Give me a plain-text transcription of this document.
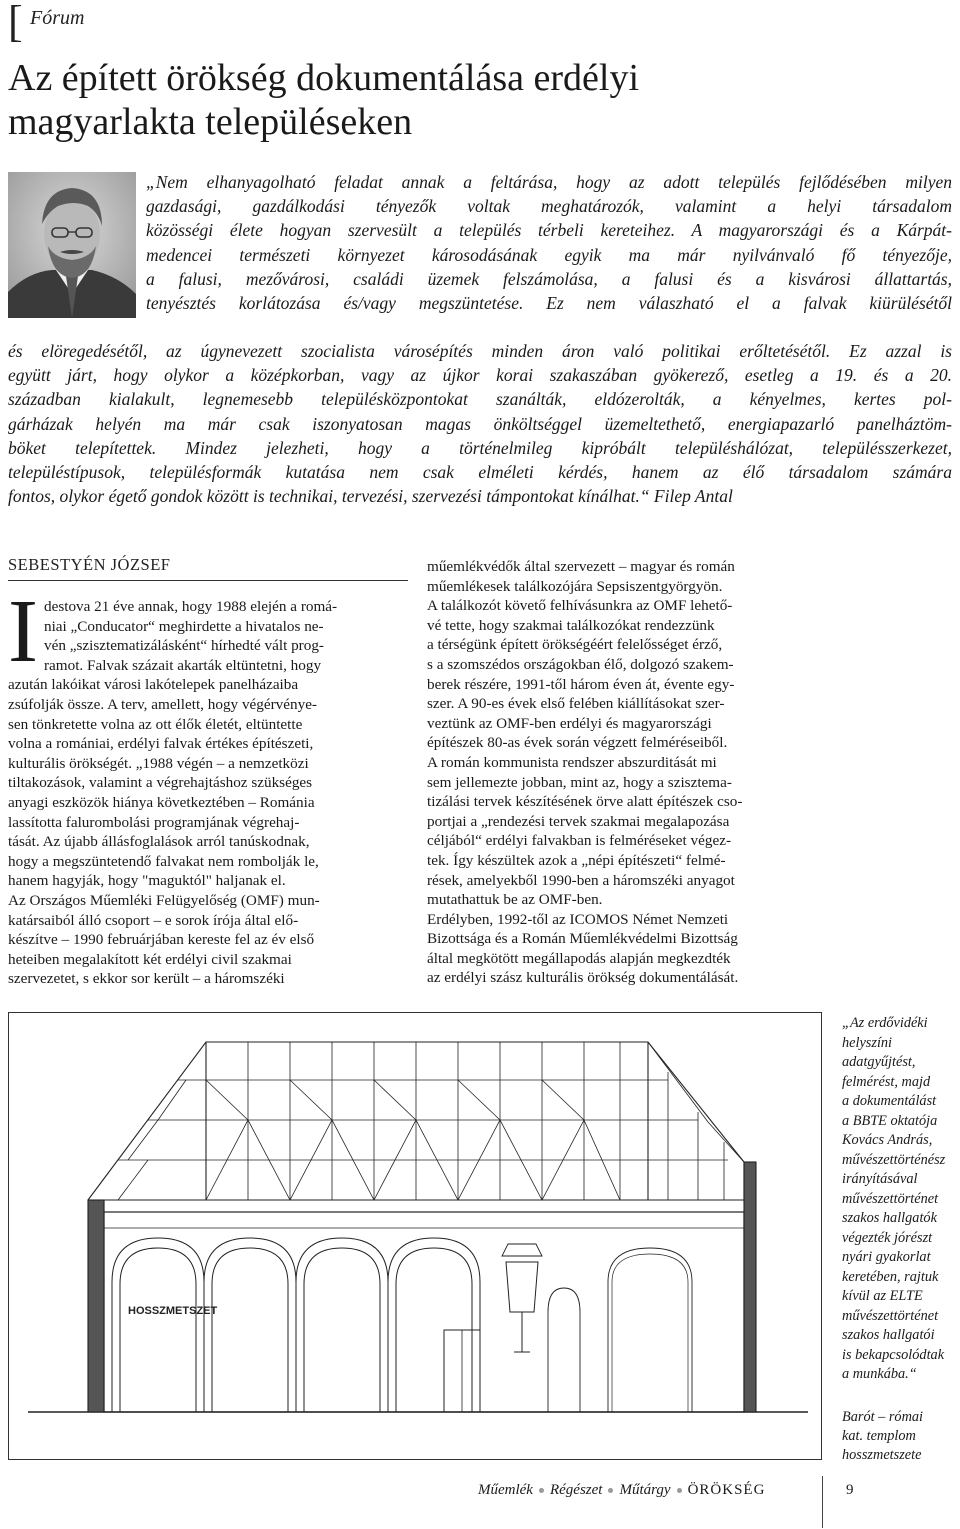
[ Fórum
Az épített örökség dokumentálása erdélyi
magyarlakta településeken

„Nem elhanyagolható feladat annak a feltárása, hogy az adott település fejlődésében milyen

gazdasági, gazdálkodási tényezők voltak meghatározók, valamint a helyi társadalom

közösségi élete hogyan szervesült a település térbeli kereteihez. A magyarországi és a Kárpát-

medencei természeti környezet károsodásának egyik ma már nyilvánvaló fő tényezője,

a falusi, mezővárosi, családi üzemek felszámolása, a falusi és a kisvárosi állattartás,

tenyésztés korlátozása és/vagy megszüntetése. Ez nem válaszható el a falvak kiürülésétől

és elöregedésétől, az úgynevezett szocialista városépítés minden áron való politikai erőltetésétől. Ez azzal is

együtt járt, hogy olykor a középkorban, vagy az újkor korai szakaszában gyökerező, esetleg a 19. és a 20.

században kialakult, legnemesebb településközpontokat szanálták, eldózerolták, a kényelmes, kertes pol-

gárházak helyén ma már csak iszonyatosan magas önköltséggel üzemeltethető, energiapazarló panelháztöm-

böket telepítettek. Mindez jelezheti, hogy a történelmileg kipróbált településhálózat, településszerkezet,

településtípusok, településformák kutatása nem csak elméleti kérdés, hanem az élő társadalom számára

fontos, olykor égető gondok között is technikai, tervezési, szervezési támpontokat kínálhat.“ Filep Antal

SEBESTYÉN JÓZSEF
I destova 21 éve annak, hogy 1988 elején a romá-

niai „Conducator“ meghirdette a hivatalos ne-

vén „szisztematizálásként“ hírhedté vált prog-

ramot. Falvak százait akarták eltüntetni, hogy

azután lakóikat városi lakótelepek panelházaiba

zsúfolják össze. A terv, amellett, hogy végérvénye-

sen tönkretette volna az ott élők életét, eltüntette

volna a romániai, erdélyi falvak értékes építészeti,

kulturális örökségét. „1988 végén – a nemzetközi

tiltakozások, valamint a végrehajtáshoz szükséges

anyagi eszközök hiánya következtében – Románia

lassította falurombolási programjának végrehaj-

tását. Az újabb állásfoglalások arról tanúskodnak,

hogy a megszüntetendő falvakat nem rombolják le,

hanem hagyják, hogy "maguktól" haljanak el.

Az Országos Műemléki Felügyelőség (OMF) mun-

katársaiból álló csoport – e sorok írója által elő-

készítve – 1990 februárjában kereste fel az év első

heteiben megalakított két erdélyi civil szakmai

szervezetet, s ekkor sor került – a háromszéki

műemlékvédők által szervezett – magyar és román

műemlékesek találkozójára Sepsiszentgyörgyön.

A találkozót követő felhívásunkra az OMF lehető-

vé tette, hogy szakmai találkozókat rendezzünk

a térségünk épített örökségéért felelősséget érző,

s a szomszédos országokban élő, dolgozó szakem-

berek részére, 1991-től három éven át, évente egy-

szer. A 90-es évek első felében kiállításokat szer-

veztünk az OMF-ben erdélyi és magyarországi

építészek 80-as évek során végzett felméréseiből.

A román kommunista rendszer abszurditását mi

sem jellemezte jobban, mint az, hogy a szisztema-

tizálási tervek készítésének örve alatt építészek cso-

portjai a „rendezési tervek szakmai megalapozása

céljából“ erdélyi falvakban is felméréseket végez-

tek. Így készültek azok a „népi építészeti“ felmé-

rések, amelyekből 1990-ben a háromszéki anyagot

mutathattuk be az OMF-ben.

Erdélyben, 1992-től az ICOMOS Német Nemzeti

Bizottsága és a Román Műemlékvédelmi Bizottság

által megkötött megállapodás alapján megkezdték

az erdélyi szász kulturális örökség dokumentálását.

HOSSZMETSZET
„Az erdővidéki
helyszíni
adatgyűjtést,
felmérést, majd
a dokumentálást
a BBTE oktatója
Kovács András,
művészettörténész
irányításával
művészettörténet
szakos hallgatók
végezték jórészt
nyári gyakorlat
keretében, rajtuk
kívül az ELTE
művészettörténet
szakos hallgatói
is bekapcsolódtak
a munkába.“
Barót – római
kat. templom
hosszmetszete
Műemlék Régészet Műtárgy ÖRÖKSÉG	9
